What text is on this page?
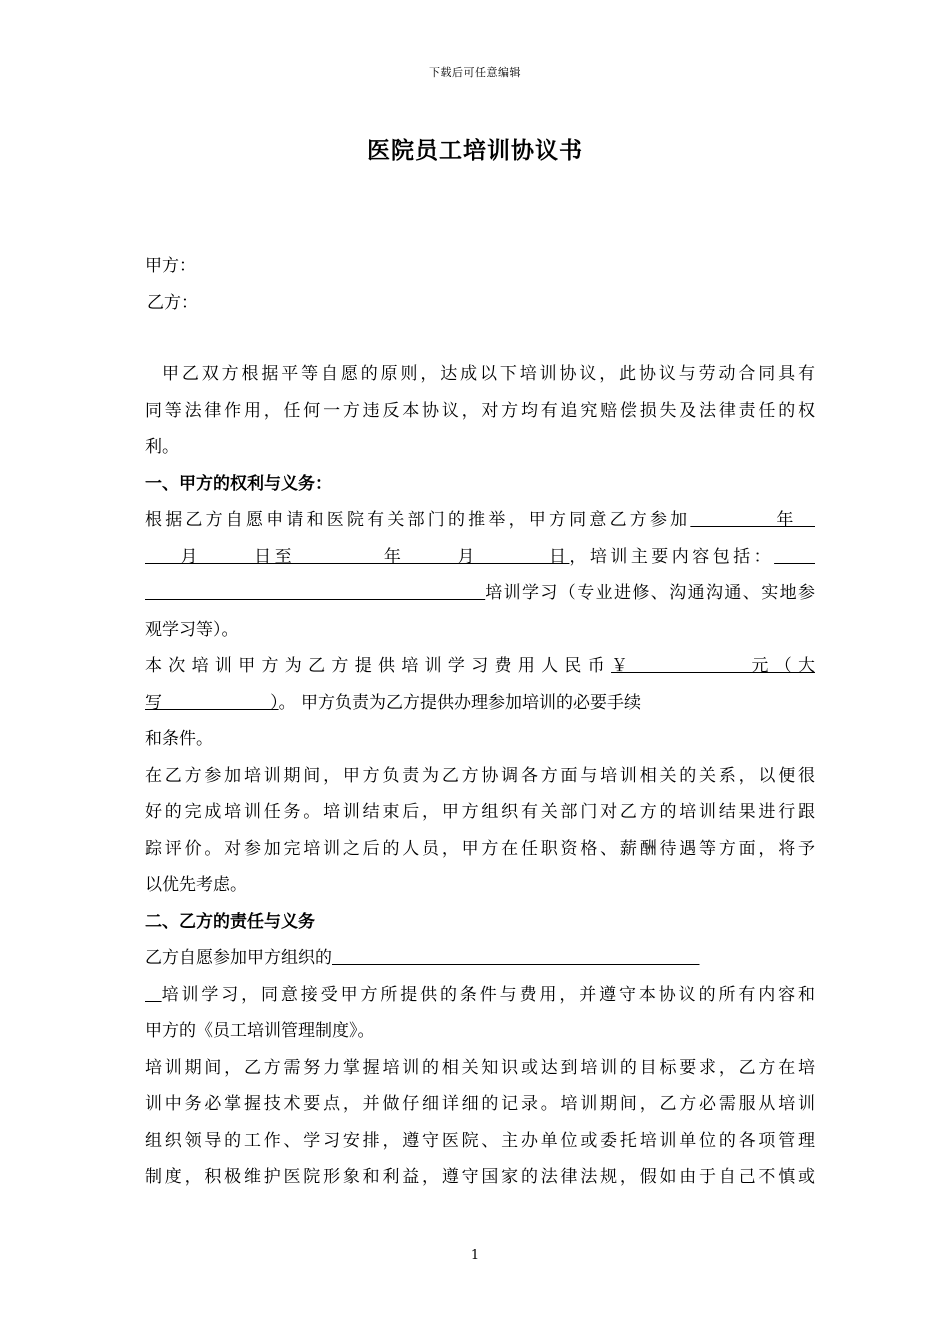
下载后可任意编辑
医院员工培训协议书
甲方：
乙方：
甲乙双方根据平等自愿的原则，达成以下培训协议，此协议与劳动合同具有
同等法律作用，任何一方违反本协议，对方均有追究赔偿损失及法律责任的权
利。
一、甲方的权利与义务：
根据乙方自愿申请和医院有关部门的推举，甲方同意乙方参加          年
月      日至          年      月        日，培训主要内容包括：
培训学习（专业进修、沟通沟通、实地参
观学习等）。
本次培训甲方为乙方提供培训学习费用人民币￥          元（大
写                    ）。 甲方负责为乙方提供办理参加培训的必要手续
和条件。
在乙方参加培训期间，甲方负责为乙方协调各方面与培训相关的关系，以便很
好的完成培训任务。培训结束后，甲方组织有关部门对乙方的培训结果进行跟
踪评价。对参加完培训之后的人员，甲方在任职资格、薪酬待遇等方面，将予
以优先考虑。
二、乙方的责任与义务
乙方自愿参加甲方组织的
培训学习，同意接受甲方所提供的条件与费用，并遵守本协议的所有内容和
甲方的《员工培训管理制度》。
培训期间，乙方需努力掌握培训的相关知识或达到培训的目标要求，乙方在培
训中务必掌握技术要点，并做仔细详细的记录。培训期间，乙方必需服从培训
组织领导的工作、学习安排，遵守医院、主办单位或委托培训单位的各项管理
制度，积极维护医院形象和利益，遵守国家的法律法规，假如由于自己不慎或
1
